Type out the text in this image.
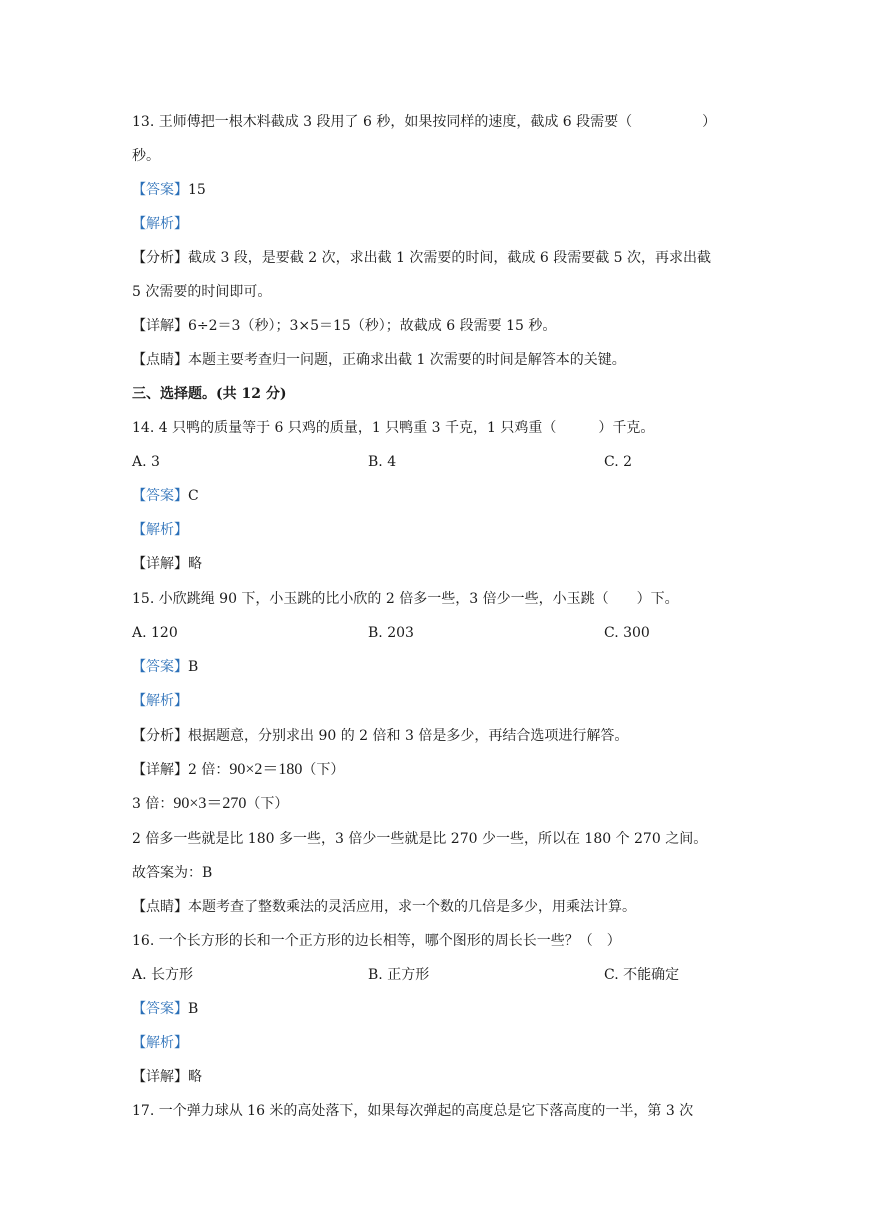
13. 王师傅把一根木料截成 3 段用了 6 秒，如果按同样的速度，截成 6 段需要（　　　　　）
秒。
【答案】15
【解析】
【分析】截成 3 段，是要截 2 次，求出截 1 次需要的时间，截成 6 段需要截 5 次，再求出截
5 次需要的时间即可。
【详解】6÷2＝3（秒）；3×5＝15（秒）；故截成 6 段需要 15 秒。
【点睛】本题主要考查归一问题，正确求出截 1 次需要的时间是解答本的关键。
三、选择题。(共 12 分)
14. 4 只鸭的质量等于 6 只鸡的质量，1 只鸭重 3 千克，1 只鸡重（　　　）千克。
A. 3	B. 4	C. 2
【答案】C
【解析】
【详解】略
15. 小欣跳绳 90 下，小玉跳的比小欣的 2 倍多一些，3 倍少一些，小玉跳（　　）下。
A. 120	B. 203	C. 300
【答案】B
【解析】
【分析】根据题意，分别求出 90 的 2 倍和 3 倍是多少，再结合选项进行解答。
【详解】2 倍：90×2＝180（下）
3 倍：90×3＝270（下）
2 倍多一些就是比 180 多一些，3 倍少一些就是比 270 少一些，所以在 180 个 270 之间。
故答案为：B
【点睛】本题考查了整数乘法的灵活应用，求一个数的几倍是多少，用乘法计算。
16. 一个长方形的长和一个正方形的边长相等，哪个图形的周长长一些？（　）
A. 长方形	B. 正方形	C. 不能确定
【答案】B
【解析】
【详解】略
17. 一个弹力球从 16 米的高处落下，如果每次弹起的高度总是它下落高度的一半，第 3 次
